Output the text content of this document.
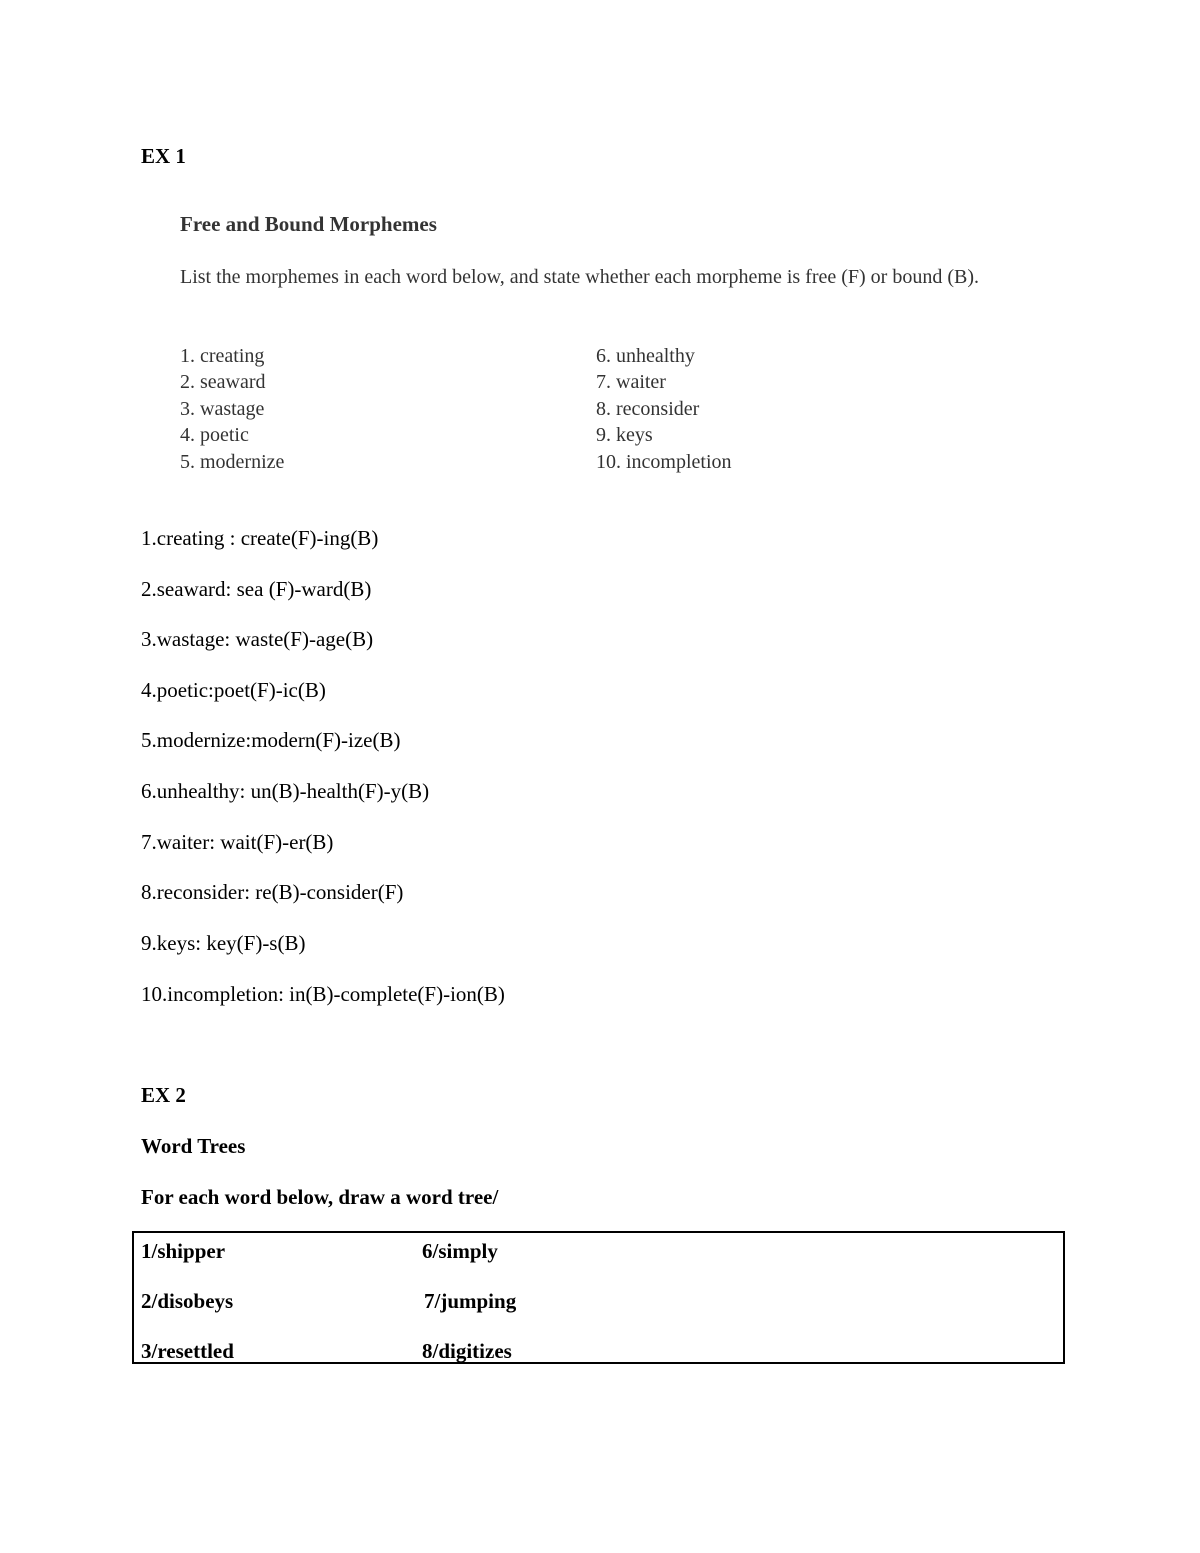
EX 1
Free and Bound Morphemes
List the morphemes in each word below, and state whether each morpheme is free (F) or bound (B).
1. creating
2. seaward
3. wastage
4. poetic
5. modernize
6. unhealthy
7. waiter
8. reconsider
9. keys
10. incompletion
1.creating : create(F)-ing(B)
2.seaward: sea (F)-ward(B)
3.wastage: waste(F)-age(B)
4.poetic:poet(F)-ic(B)
5.modernize:modern(F)-ize(B)
6.unhealthy: un(B)-health(F)-y(B)
7.waiter: wait(F)-er(B)
8.reconsider: re(B)-consider(F)
9.keys: key(F)-s(B)
10.incompletion: in(B)-complete(F)-ion(B)
EX 2
Word Trees
For each word below, draw a word tree/
1/shipper
2/disobeys
3/resettled
6/simply
7/jumping
8/digitizes
